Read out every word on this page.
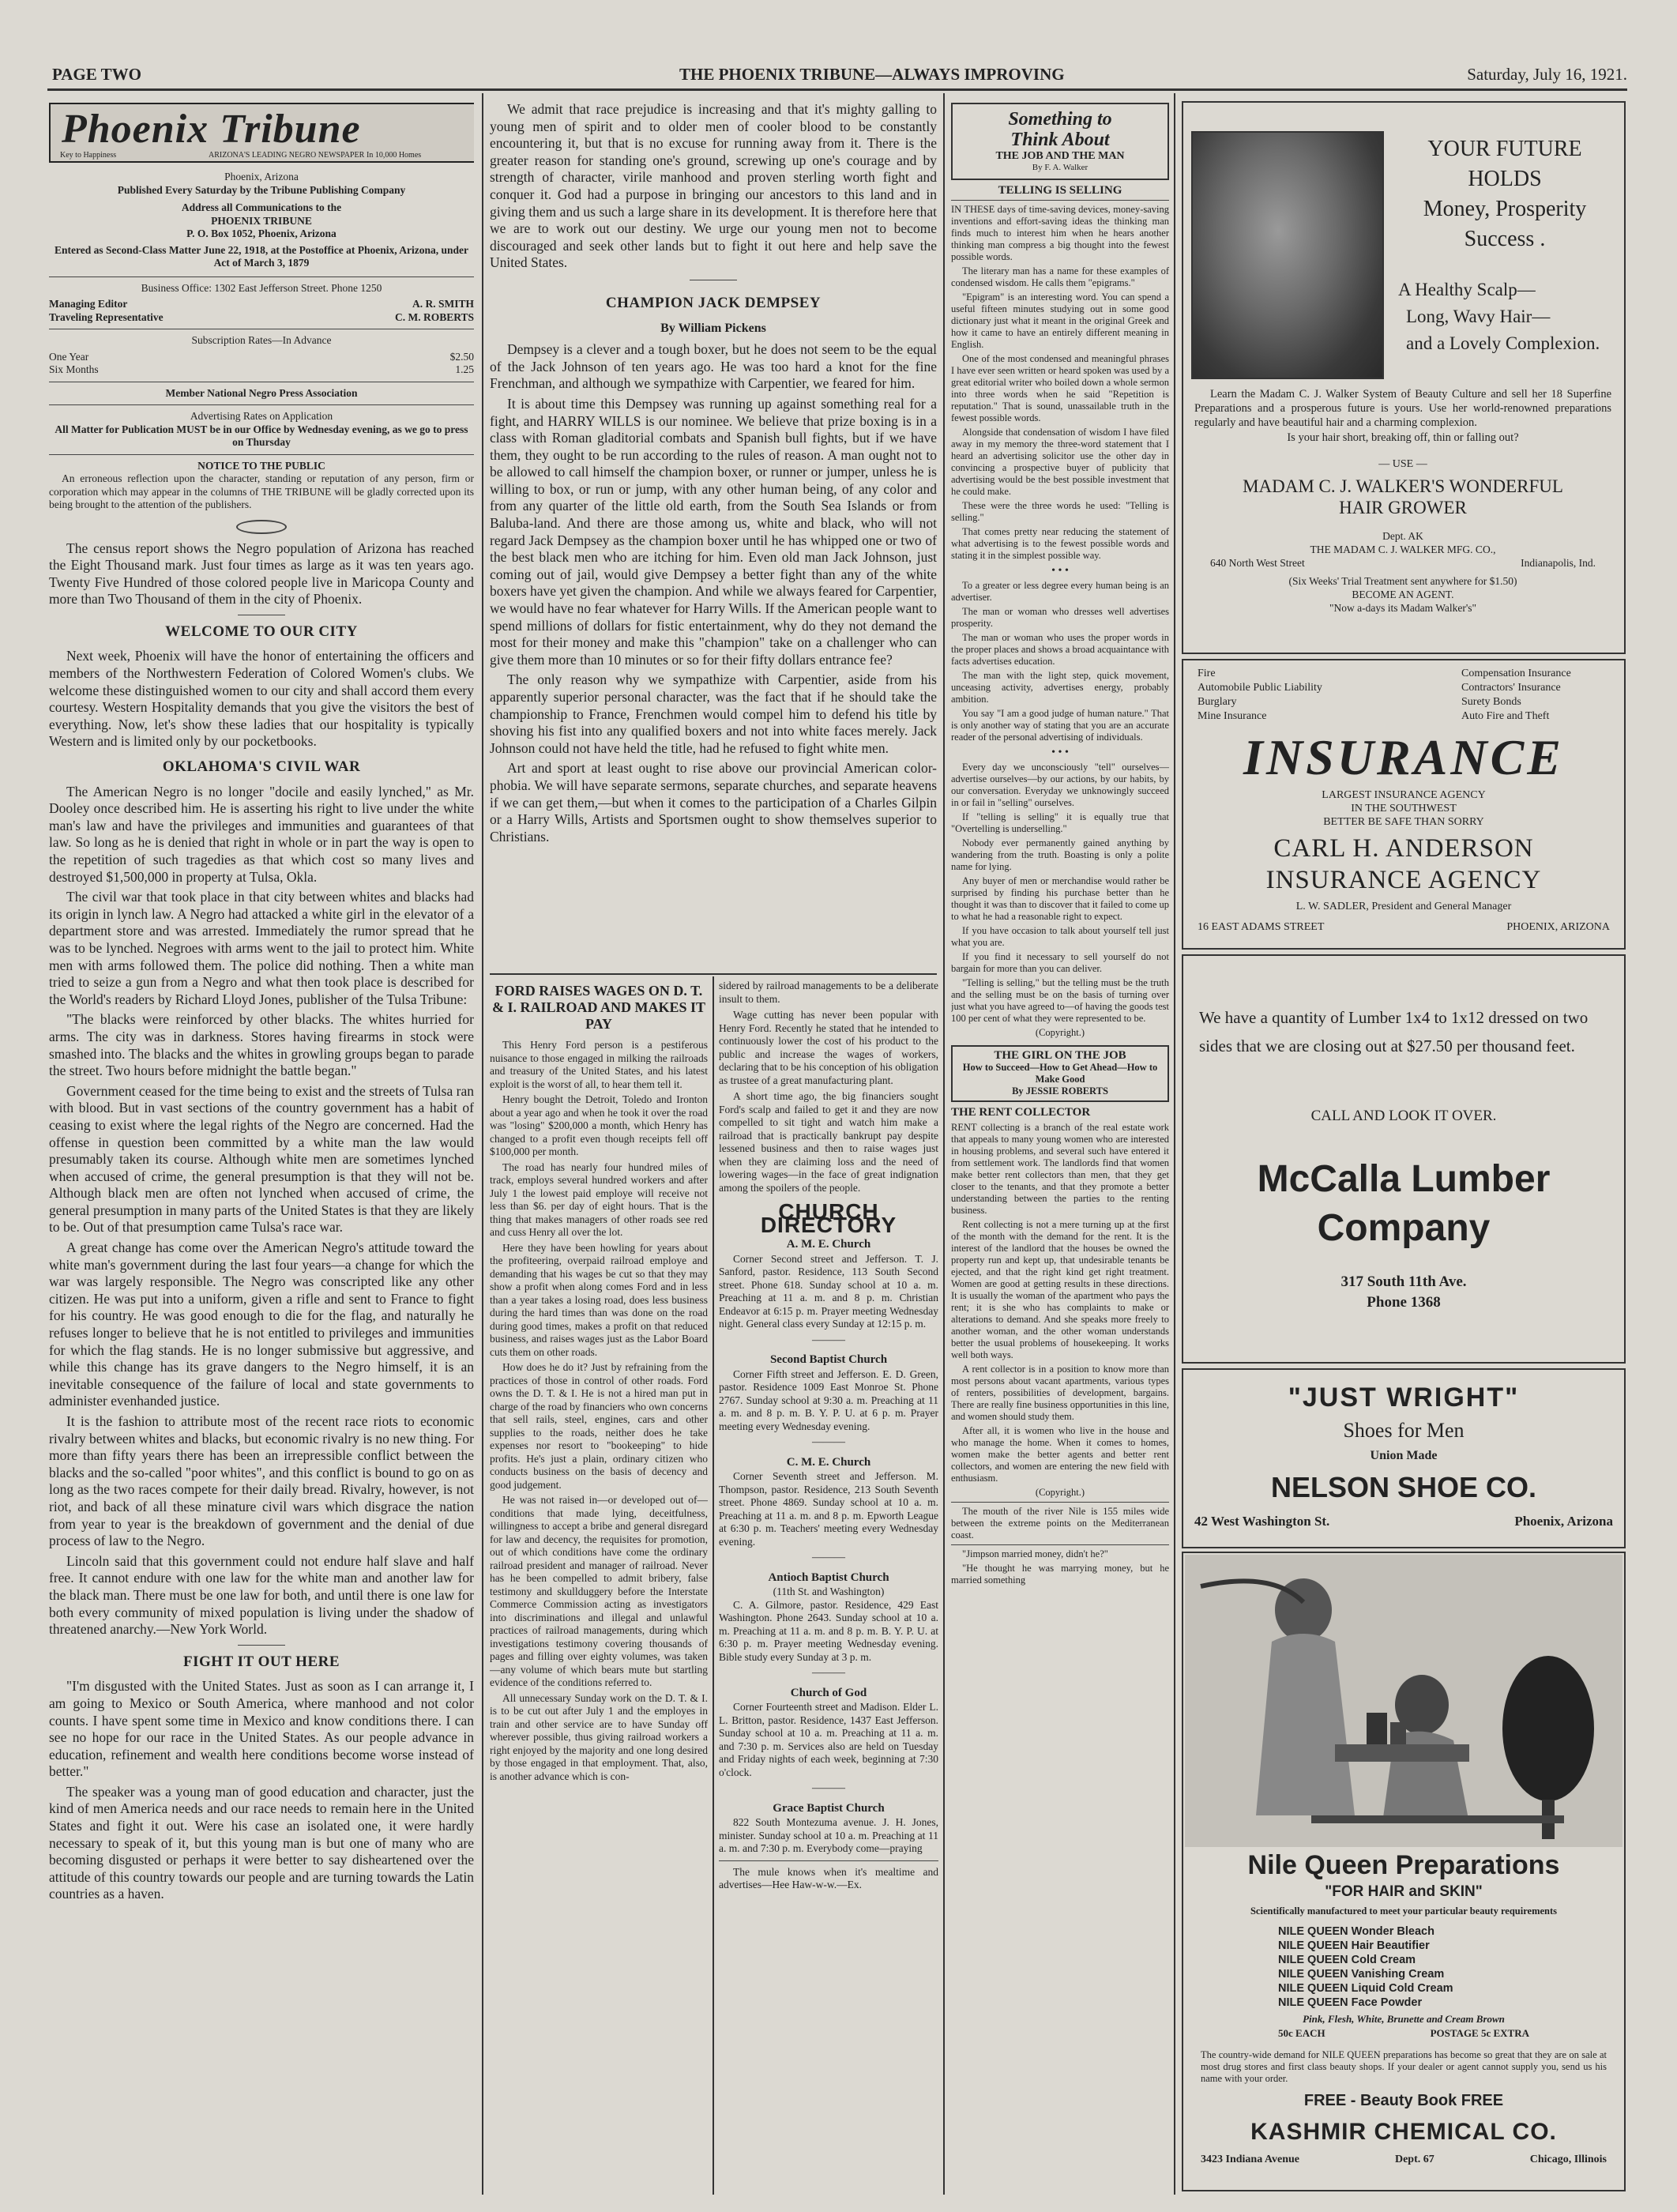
PAGE TWO	THE PHOENIX TRIBUNE—ALWAYS IMPROVING	Saturday, July 16, 1921.
Phoenix Tribune
Key to Happiness	ARIZONA'S LEADING NEGRO NEWSPAPER In 10,000 Homes
Phoenix, Arizona
Published Every Saturday by the Tribune Publishing Company
Address all Communications to the
PHOENIX TRIBUNE
P. O. Box 1052, Phoenix, Arizona
Entered as Second-Class Matter June 22, 1918, at the Postoffice at Phoenix, Arizona, under Act of March 3, 1879
Business Office: 1302 East Jefferson Street. Phone 1250
Managing Editor	A. R. SMITH
Traveling Representative	C. M. ROBERTS
Subscription Rates—In Advance
One Year	$2.50
Six Months	1.25
Member National Negro Press Association
Advertising Rates on Application
All Matter for Publication MUST be in our Office by Wednesday evening, as we go to press on Thursday
NOTICE TO THE PUBLIC
An erroneous reflection upon the character, standing or reputation of any person, firm or corporation which may appear in the columns of THE TRIBUNE will be gladly corrected upon its being brought to the attention of the publishers.

The census report shows the Negro population of Arizona has reached the Eight Thousand mark. Just four times as large as it was ten years ago. Twenty Five Hundred of those colored people live in Maricopa County and more than Two Thousand of them in the city of Phoenix.

WELCOME TO OUR CITY

Next week, Phoenix will have the honor of entertaining the officers and members of the Northwestern Federation of Colored Women's clubs. We welcome these distinguished women to our city and shall accord them every courtesy. Western Hospitality demands that you give the visitors the best of everything. Now, let's show these ladies that our hospitality is typically Western and is limited only by our pocketbooks.

OKLAHOMA'S CIVIL WAR

The American Negro is no longer "docile and easily lynched," as Mr. Dooley once described him. He is asserting his right to live under the white man's law and have the privileges and immunities and guarantees of that law. So long as he is denied that right in whole or in part the way is open to the repetition of such tragedies as that which cost so many lives and destroyed $1,500,000 in property at Tulsa, Okla.

The civil war that took place in that city between whites and blacks had its origin in lynch law. A Negro had attacked a white girl in the elevator of a department store and was arrested. Immediately the rumor spread that he was to be lynched. Negroes with arms went to the jail to protect him. White men with arms followed them. The police did nothing. Then a white man tried to seize a gun from a Negro and what then took place is described for the World's readers by Richard Lloyd Jones, publisher of the Tulsa Tribune:

"The blacks were reinforced by other blacks. The whites hurried for arms. The city was in darkness. Stores having firearms in stock were smashed into. The blacks and the whites in growling groups began to parade the street. Two hours before midnight the battle began."

Government ceased for the time being to exist and the streets of Tulsa ran with blood. But in vast sections of the country government has a habit of ceasing to exist where the legal rights of the Negro are concerned. Had the offense in question been committed by a white man the law would presumably taken its course. Although white men are sometimes lynched when accused of crime, the general presumption is that they will not be. Although black men are often not lynched when accused of crime, the general presumption in many parts of the United States is that they are likely to be. Out of that presumption came Tulsa's race war.

A great change has come over the American Negro's attitude toward the white man's government during the last four years—a change for which the war was largely responsible. The Negro was conscripted like any other citizen. He was put into a uniform, given a rifle and sent to France to fight for his country. He was good enough to die for the flag, and naturally he refuses longer to believe that he is not entitled to privileges and immunities for which the flag stands. He is no longer submissive but aggressive, and while this change has its grave dangers to the Negro himself, it is an inevitable consequence of the failure of local and state governments to administer evenhanded justice.

It is the fashion to attribute most of the recent race riots to economic rivalry between whites and blacks, but economic rivalry is no new thing. For more than fifty years there has been an irrepressible conflict between the blacks and the so-called "poor whites", and this conflict is bound to go on as long as the two races compete for their daily bread. Rivalry, however, is not riot, and back of all these minature civil wars which disgrace the nation from year to year is the breakdown of government and the denial of due process of law to the Negro.

Lincoln said that this government could not endure half slave and half free. It cannot endure with one law for the white man and another law for the black man. There must be one law for both, and until there is one law for both every community of mixed population is living under the shadow of threatened anarchy.—New York World.

FIGHT IT OUT HERE

"I'm disgusted with the United States. Just as soon as I can arrange it, I am going to Mexico or South America, where manhood and not color counts. I have spent some time in Mexico and know conditions there. I can see no hope for our race in the United States. As our people advance in education, refinement and wealth here conditions become worse instead of better."

The speaker was a young man of good education and character, just the kind of men America needs and our race needs to remain here in the United States and fight it out. Were his case an isolated one, it were hardly necessary to speak of it, but this young man is but one of many who are becoming disgusted or perhaps it were better to say disheartened over the attitude of this country towards our people and are turning towards the Latin countries as a haven.

We admit that race prejudice is increasing and that it's mighty galling to young men of spirit and to older men of cooler blood to be constantly encountering it, but that is no excuse for running away from it. There is the greater reason for standing one's ground, screwing up one's courage and by strength of character, virile manhood and proven sterling worth fight and conquer it. God had a purpose in bringing our ancestors to this land and in giving them and us such a large share in its development. It is therefore here that we are to work out our destiny. We urge our young men not to become discouraged and seek other lands but to fight it out here and help save the United States.

CHAMPION JACK DEMPSEY
By William Pickens

Dempsey is a clever and a tough boxer, but he does not seem to be the equal of the Jack Johnson of ten years ago. He was too hard a knot for the fine Frenchman, and although we sympathize with Carpentier, we feared for him.

It is about time this Dempsey was running up against something real for a fight, and HARRY WILLS is our nominee. We believe that prize boxing is in a class with Roman gladitorial combats and Spanish bull fights, but if we have them, they ought to be run according to the rules of reason. A man ought not to be allowed to call himself the champion boxer, or runner or jumper, unless he is willing to box, or run or jump, with any other human being, of any color and from any quarter of the little old earth, from the South Sea Islands or from Baluba-land. And there are those among us, white and black, who will not regard Jack Dempsey as the champion boxer until he has whipped one or two of the best black men who are itching for him. Even old man Jack Johnson, just coming out of jail, would give Dempsey a better fight than any of the white boxers have yet given the champion. And while we always feared for Carpentier, we would have no fear whatever for Harry Wills. If the American people want to spend millions of dollars for fistic entertainment, why do they not demand the most for their money and make this "champion" take on a challenger who can give them more than 10 minutes or so for their fifty dollars entrance fee?

The only reason why we sympathize with Carpentier, aside from his apparently superior personal character, was the fact that if he should take the championship to France, Frenchmen would compel him to defend his title by shoving his fist into any qualified boxers and not into white faces merely. Jack Johnson could not have held the title, had he refused to fight white men.

Art and sport at least ought to rise above our provincial American color-phobia. We will have separate sermons, separate churches, and separate heavens if we can get them,—but when it comes to the participation of a Charles Gilpin or a Harry Wills, Artists and Sportsmen ought to show themselves superior to Christians.

FORD RAISES WAGES ON D. T. & I. RAILROAD AND MAKES IT PAY

This Henry Ford person is a pestiferous nuisance to those engaged in milking the railroads and treasury of the United States, and his latest exploit is the worst of all, to hear them tell it.

Henry bought the Detroit, Toledo and Ironton about a year ago and when he took it over the road was "losing" $200,000 a month, which Henry has changed to a profit even though receipts fell off $100,000 per month.

The road has nearly four hundred miles of track, employs several hundred workers and after July 1 the lowest paid employe will receive not less than $6. per day of eight hours. That is the thing that makes managers of other roads see red and cuss Henry all over the lot.

Here they have been howling for years about the profiteering, overpaid railroad employe and demanding that his wages be cut so that they may show a profit when along comes Ford and in less than a year takes a losing road, does less business during the hard times than was done on the road during good times, makes a profit on that reduced business, and raises wages just as the Labor Board cuts them on other roads.

How does he do it? Just by refraining from the practices of those in control of other roads. Ford owns the D. T. & I. He is not a hired man put in charge of the road by financiers who own concerns that sell rails, steel, engines, cars and other supplies to the roads, neither does he take expenses nor resort to "bookeeping" to hide profits. He's just a plain, ordinary citizen who conducts business on the basis of decency and good judgement.

He was not raised in—or developed out of—conditions that made lying, deceitfulness, willingness to accept a bribe and general disregard for law and decency, the requisites for promotion, out of which conditions have come the ordinary railroad president and manager of railroad. Never has he been compelled to admit bribery, false testimony and skullduggery before the Interstate Commerce Commission acting as investigators into discriminations and illegal and unlawful practices of railroad managements, during which investigations testimony covering thousands of pages and filling over eighty volumes, was taken—any volume of which bears mute but startling evidence of the conditions referred to.

All unnecessary Sunday work on the D. T. & I. is to be cut out after July 1 and the employes in train and other service are to have Sunday off wherever possible, thus giving railroad workers a right enjoyed by the majority and one long desired by those engaged in that employment. That, also, is another advance which is con-

sidered by railroad managements to be a deliberate insult to them.

Wage cutting has never been popular with Henry Ford. Recently he stated that he intended to continuously lower the cost of his product to the public and increase the wages of workers, declaring that to be his conception of his obligation as trustee of a great manufacturing plant.

A short time ago, the big financiers sought Ford's scalp and failed to get it and they are now compelled to sit tight and watch him make a railroad that is practically bankrupt pay despite lessened business and then to raise wages just when they are claiming loss and the need of lowering wages—in the face of great indignation among the spoilers of the people.

CHURCH DIRECTORY
A. M. E. Church

Corner Second street and Jefferson. T. J. Sanford, pastor. Residence, 113 South Second street. Phone 618. Sunday school at 10 a. m. Preaching at 11 a. m. and 8 p. m. Christian Endeavor at 6:15 p. m. Prayer meeting Wednesday night. General class every Sunday at 12:15 p. m.

———
Second Baptist Church

Corner Fifth street and Jefferson. E. D. Green, pastor. Residence 1009 East Monroe St. Phone 2767. Sunday school at 9:30 a. m. Preaching at 11 a. m. and 8 p. m. B. Y. P. U. at 6 p. m. Prayer meeting every Wednesday evening.

———
C. M. E. Church

Corner Seventh street and Jefferson. M. Thompson, pastor. Residence, 213 South Seventh street. Phone 4869. Sunday school at 10 a. m. Preaching at 11 a. m. and 8 p. m. Epworth League at 6:30 p. m. Teachers' meeting every Wednesday evening.

———
Antioch Baptist Church
(11th St. and Washington)

C. A. Gilmore, pastor. Residence, 429 East Washington. Phone 2643. Sunday school at 10 a. m. Preaching at 11 a. m. and 8 p. m. B. Y. P. U. at 6:30 p. m. Prayer meeting Wednesday evening. Bible study every Sunday at 3 p. m.

———
Church of God

Corner Fourteenth street and Madison. Elder L. L. Britton, pastor. Residence, 1437 East Jefferson. Sunday school at 10 a. m. Preaching at 11 a. m. and 7:30 p. m. Services also are held on Tuesday and Friday nights of each week, beginning at 7:30 o'clock.

———
Grace Baptist Church

822 South Montezuma avenue. J. H. Jones, minister. Sunday school at 10 a. m. Preaching at 11 a. m. and 7:30 p. m. Everybody come—praying

The mule knows when it's mealtime and advertises—Hee Haw-w-w.—Ex.

Something to
Think About
THE JOB AND THE MAN
By F. A. Walker
TELLING IS SELLING

IN THESE days of time-saving devices, money-saving inventions and effort-saving ideas the thinking man finds much to interest him when he hears another thinking man compress a big thought into the fewest possible words.

The literary man has a name for these examples of condensed wisdom. He calls them "epigrams."

"Epigram" is an interesting word. You can spend a useful fifteen minutes studying out in some good dictionary just what it meant in the original Greek and how it came to have an entirely different meaning in English.

One of the most condensed and meaningful phrases I have ever seen written or heard spoken was used by a great editorial writer who boiled down a whole sermon into three words when he said "Repetition is reputation." That is sound, unassailable truth in the fewest possible words.

Alongside that condensation of wisdom I have filed away in my memory the three-word statement that I heard an advertising solicitor use the other day in convincing a prospective buyer of publicity that advertising would be the best possible investment that he could make.

These were the three words he used: "Telling is selling."

That comes pretty near reducing the statement of what advertising is to the fewest possible words and stating it in the simplest possible way.

• • •

To a greater or less degree every human being is an advertiser.

The man or woman who dresses well advertises prosperity.

The man or woman who uses the proper words in the proper places and shows a broad acquaintance with facts advertises education.

The man with the light step, quick movement, unceasing activity, advertises energy, probably ambition.

You say "I am a good judge of human nature." That is only another way of stating that you are an accurate reader of the personal advertising of individuals.

• • •

Every day we unconsciously "tell" ourselves—advertise ourselves—by our actions, by our habits, by our conversation. Everyday we unknowingly succeed in or fail in "selling" ourselves.

If "telling is selling" it is equally true that "Overtelling is underselling."

Nobody ever permanently gained anything by wandering from the truth. Boasting is only a polite name for lying.

Any buyer of men or merchandise would rather be surprised by finding his purchase better than he thought it was than to discover that it failed to come up to what he had a reasonable right to expect.

If you have occasion to talk about yourself tell just what you are.

If you find it necessary to sell yourself do not bargain for more than you can deliver.

"Telling is selling," but the telling must be the truth and the selling must be on the basis of turning over just what you have agreed to—of having the goods test 100 per cent of what they were represented to be.

(Copyright.)
THE GIRL ON THE JOB
How to Succeed—How to Get Ahead—How to Make Good
By JESSIE ROBERTS
THE RENT COLLECTOR

RENT collecting is a branch of the real estate work that appeals to many young women who are interested in housing problems, and several such have entered it from settlement work. The landlords find that women make better rent collectors than men, that they get closer to the tenants, and that they promote a better understanding between the parties to the renting business.

Rent collecting is not a mere turning up at the first of the month with the demand for the rent. It is the interest of the landlord that the houses be owned the property run and kept up, that undesirable tenants be ejected, and that the right kind get right treatment. Women are good at getting results in these directions. It is usually the woman of the apartment who pays the rent; it is she who has complaints to make or alterations to demand. And she speaks more freely to another woman, and the other woman understands better the usual problems of housekeeping. It works well both ways.

A rent collector is in a position to know more than most persons about vacant apartments, various types of renters, possibilities of development, bargains. There are really fine business opportunities in this line, and women should study them.

After all, it is women who live in the house and who manage the home. When it comes to homes, women make the better agents and better rent collectors, and women are entering the new field with enthusiasm.

(Copyright.)

The mouth of the river Nile is 155 miles wide between the extreme points on the Mediterranean coast.

"Jimpson married money, didn't he?"

"He thought he was marrying money, but he married something

YOUR FUTURE
HOLDS
Money, Prosperity
Success .
A Healthy Scalp—
Long, Wavy Hair—
and a Lovely Complexion.
Learn the Madam C. J. Walker System of Beauty Culture and sell her 18 Superfine Preparations and a prosperous future is yours. Use her world-renowned preparations regularly and have beautiful hair and a charming complexion.
Is your hair short, breaking off, thin or falling out?
— USE —
MADAM C. J. WALKER'S WONDERFUL
HAIR GROWER
Dept. AK
THE MADAM C. J. WALKER MFG. CO.,
640 North West Street	Indianapolis, Ind.
(Six Weeks' Trial Treatment sent anywhere for $1.50)
BECOME AN AGENT.
"Now a-days its Madam Walker's"
Fire
Automobile Public Liability
Burglary
Mine Insurance
Compensation Insurance
Contractors' Insurance
Surety Bonds
Auto Fire and Theft
INSURANCE
LARGEST INSURANCE AGENCY
IN THE SOUTHWEST
BETTER BE SAFE THAN SORRY
CARL H. ANDERSON
INSURANCE AGENCY
L. W. SADLER, President and General Manager
16 EAST ADAMS STREET	PHOENIX, ARIZONA
We have a quantity of Lumber 1x4 to 1x12 dressed on two sides that we are closing out at $27.50 per thousand feet.
CALL AND LOOK IT OVER.
McCalla Lumber
Company
317 South 11th Ave.
Phone 1368
"JUST WRIGHT"
Shoes for Men
Union Made
NELSON SHOE CO.
42 West Washington St.	Phoenix, Arizona
Nile Queen Preparations
"FOR HAIR and SKIN"
Scientifically manufactured to meet your particular beauty requirements
NILE QUEEN Wonder Bleach
NILE QUEEN Hair Beautifier
NILE QUEEN Cold Cream
NILE QUEEN Vanishing Cream
NILE QUEEN Liquid Cold Cream
NILE QUEEN Face Powder
Pink, Flesh, White, Brunette and Cream Brown
50c EACH	POSTAGE 5c EXTRA
The country-wide demand for NILE QUEEN preparations has become so great that they are on sale at most drug stores and first class beauty shops. If your dealer or agent cannot supply you, send us his name with your order.
FREE - Beauty Book FREE
KASHMIR CHEMICAL CO.
3423 Indiana Avenue	Dept. 67	Chicago, Illinois
